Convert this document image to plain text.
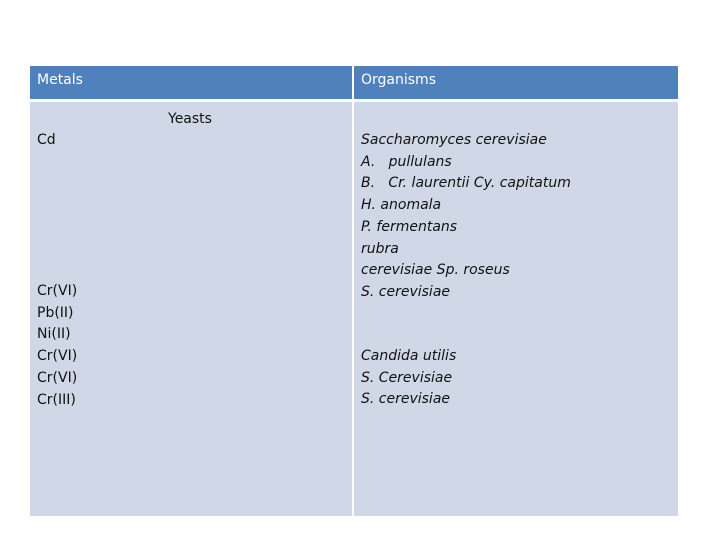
Metals	Organisms
Yeasts
Cd
Cr(VI)
Pb(II)
Ni(II)
Cr(VI)
Cr(VI)
Cr(III)
Saccharomyces cerevisiae
A.   pullulans
B.   Cr. laurentii Cy. capitatum
H. anomala
P. fermentans
rubra
cerevisiae Sp. roseus
S. cerevisiae
Candida utilis
S. Cerevisiae
S. cerevisiae
